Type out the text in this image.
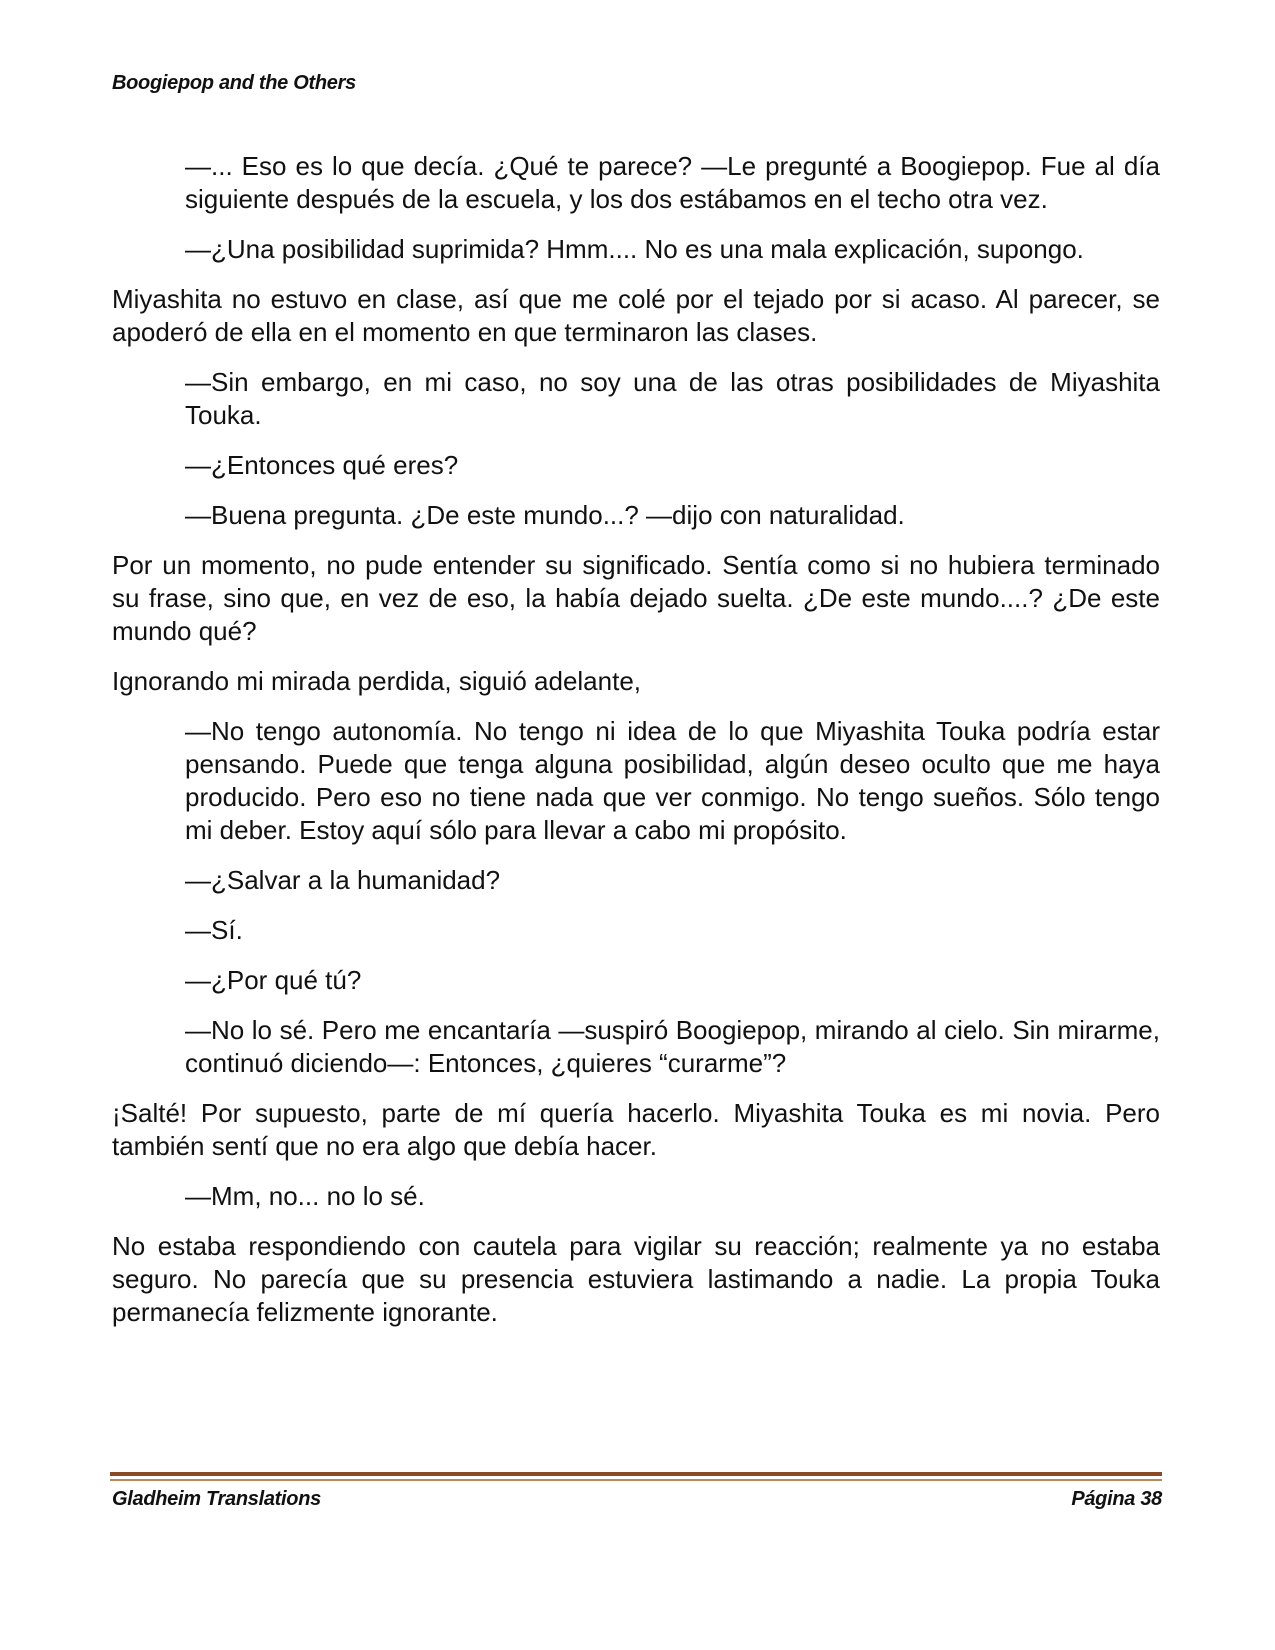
Boogiepop and the Others

—... Eso es lo que decía. ¿Qué te parece? —Le pregunté a Boogiepop. Fue al día siguiente después de la escuela, y los dos estábamos en el techo otra vez.

—¿Una posibilidad suprimida? Hmm.... No es una mala explicación, supongo.

Miyashita no estuvo en clase, así que me colé por el tejado por si acaso. Al parecer, se apoderó de ella en el momento en que terminaron las clases.

—Sin embargo, en mi caso, no soy una de las otras posibilidades de Miyashita Touka.

—¿Entonces qué eres?

—Buena pregunta. ¿De este mundo...? —dijo con naturalidad.

Por un momento, no pude entender su significado. Sentía como si no hubiera terminado su frase, sino que, en vez de eso, la había dejado suelta. ¿De este mundo....? ¿De este mundo qué?

Ignorando mi mirada perdida, siguió adelante,

—No tengo autonomía. No tengo ni idea de lo que Miyashita Touka podría estar pensando. Puede que tenga alguna posibilidad, algún deseo oculto que me haya producido. Pero eso no tiene nada que ver conmigo. No tengo sueños. Sólo tengo mi deber. Estoy aquí sólo para llevar a cabo mi propósito.

—¿Salvar a la humanidad?

—Sí.

—¿Por qué tú?

—No lo sé. Pero me encantaría —suspiró Boogiepop, mirando al cielo. Sin mirarme, continuó diciendo—: Entonces, ¿quieres “curarme”?

¡Salté! Por supuesto, parte de mí quería hacerlo. Miyashita Touka es mi novia. Pero también sentí que no era algo que debía hacer.

—Mm, no... no lo sé.

No estaba respondiendo con cautela para vigilar su reacción; realmente ya no estaba seguro. No parecía que su presencia estuviera lastimando a nadie. La propia Touka permanecía felizmente ignorante.

Gladheim Translations	Página 38
